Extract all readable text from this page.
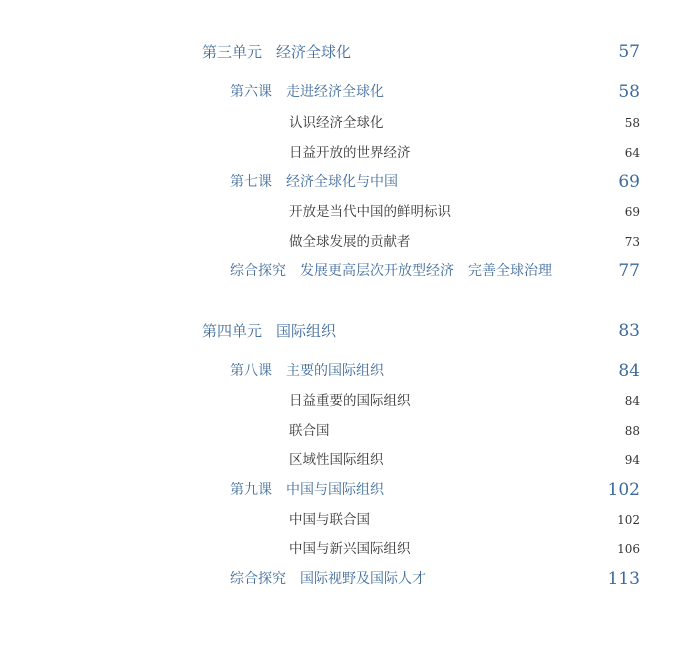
第三单元 经济全球化	57
第六课 走进经济全球化	58
认识经济全球化	58
日益开放的世界经济	64
第七课 经济全球化与中国	69
开放是当代中国的鲜明标识	69
做全球发展的贡献者	73
综合探究 发展更高层次开放型经济　完善全球治理	77
第四单元 国际组织	83
第八课 主要的国际组织	84
日益重要的国际组织	84
联合国	88
区域性国际组织	94
第九课 中国与国际组织	102
中国与联合国	102
中国与新兴国际组织	106
综合探究 国际视野及国际人才	113
